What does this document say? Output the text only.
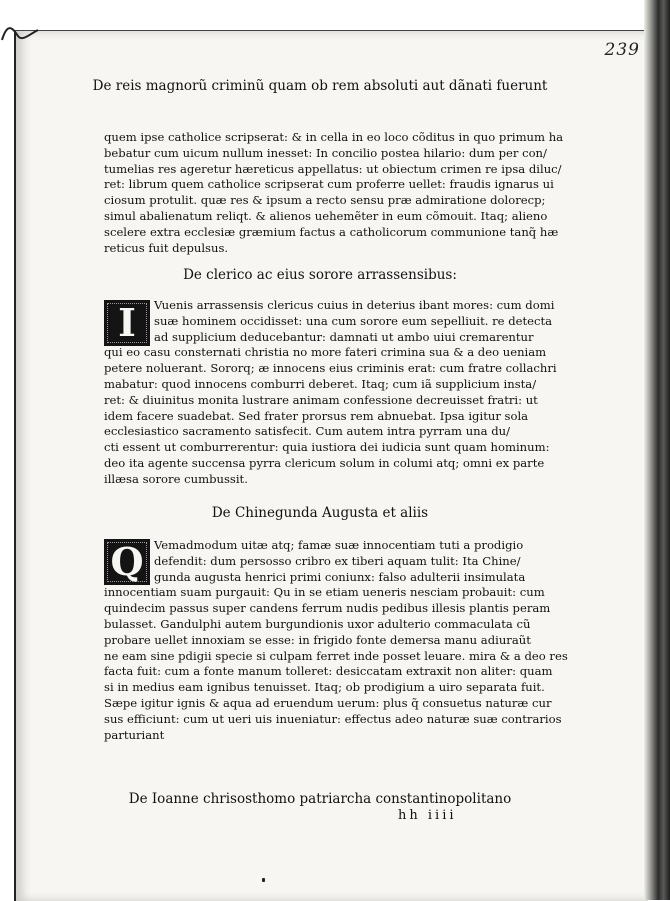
239
De reis magnorũ criminũ quam ob rem absoluti aut dãnati fuerunt
quem ipse catholice scripserat: & in cella in eo loco cõditus in quo primum ha
bebatur cum uicum nullum inesset: In concilio postea hilario: dum per con/
tumelias res ageretur hæreticus appellatus: ut obiectum crimen re ipsa diluc/
ret: librum quem catholice scripserat cum proferre uellet: fraudis ignarus ui
ciosum protulit. quæ res & ipsum a recto sensu præ admiratione dolorecp;
simul abalienatum reliqt. & alienos uehemẽter in eum cõmouit. Itaq; alieno
scelere extra ecclesiæ græmium factus a catholicorum communione tanq̃ hæ
reticus fuit depulsus.
De clerico ac eius sorore arrassensibus:
I	Vuenis arrassensis clericus cuius in deterius ibant mores: cum domi
suæ hominem occidisset: una cum sorore eum sepelliuit. re detecta
ad supplicium deducebantur: damnati ut ambo uiui cremarentur
qui eo casu consternati christia no more fateri crimina sua & a deo ueniam
petere noluerant. Sororq; æ innocens eius criminis erat: cum fratre collachri
mabatur: quod innocens comburri deberet. Itaq; cum iã supplicium insta/
ret: & diuinitus monita lustrare animam confessione decreuisset fratri: ut
idem facere suadebat. Sed frater prorsus rem abnuebat. Ipsa igitur sola
ecclesiastico sacramento satisfecit. Cum autem intra pyrram una du/
cti essent ut comburrerentur: quia iustiora dei iudicia sunt quam hominum:
deo ita agente succensa pyrra clericum solum in columi atq; omni ex parte
illæsa sorore cumbussit.
De Chinegunda Augusta et aliis
Q Vemadmodum uitæ atq; famæ suæ innocentiam tuti a prodigio
defendit: dum persosso cribro ex tiberi aquam tulit: Ita Chine/
gunda augusta henrici primi coniunx: falso adulterii insimulata
innocentiam suam purgauit: Qu in se etiam ueneris nesciam probauit: cum
quindecim passus super candens ferrum nudis pedibus illesis plantis peram
bulasset. Gandulphi autem burgundionis uxor adulterio commaculata cũ
probare uellet innoxiam se esse: in frigido fonte demersa manu adiuraũt
ne eam sine pdigii specie si culpam ferret inde posset leuare. mira & a deo res
facta fuit: cum a fonte manum tolleret: desiccatam extraxit non aliter: quam
si in medius eam ignibus tenuisset. Itaq; ob prodigium a uiro separata fuit.
Sæpe igitur ignis & aqua ad eruendum uerum: plus q̃ consuetus naturæ cur
sus efficiunt: cum ut ueri uis inueniatur: effectus adeo naturæ suæ contrarios
parturiant
De Ioanne chrisosthomo patriarcha constantinopolitano
hh iiii
